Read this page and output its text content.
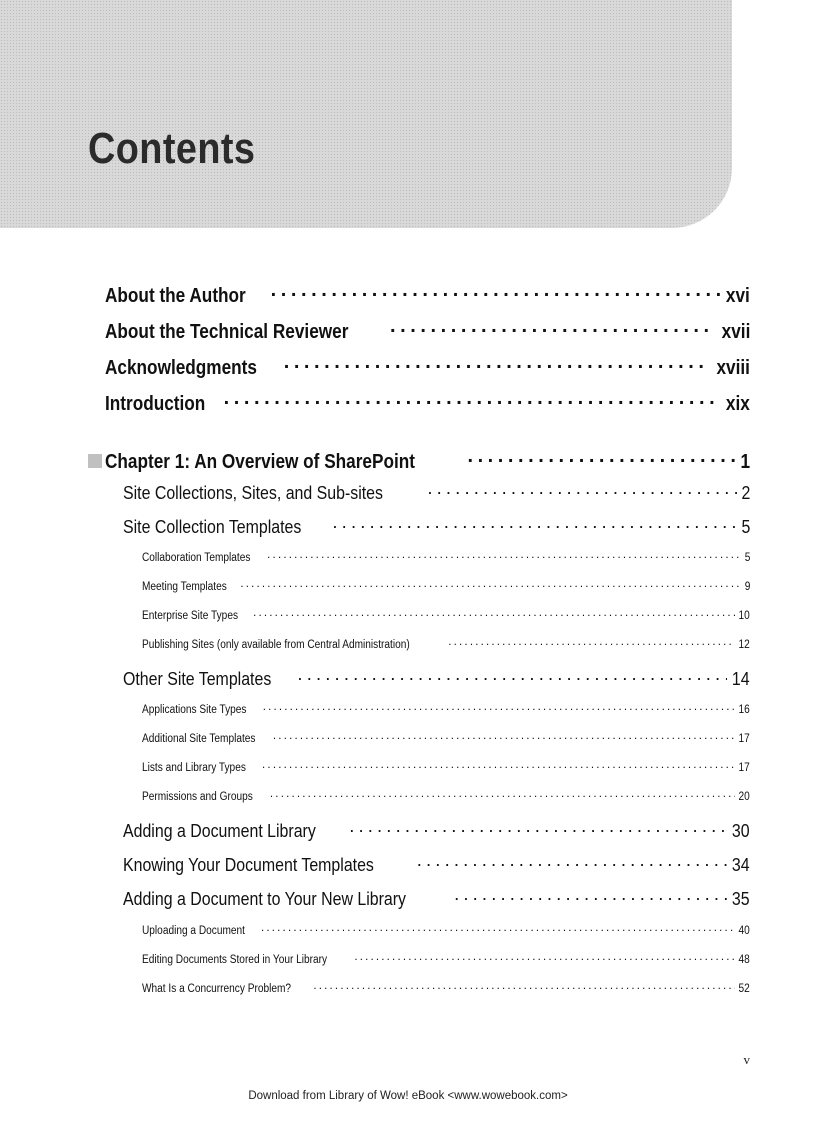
Contents
About the Author . . .	xvi
About the Technical Reviewer . . .	xvii
Acknowledgments . . .	xviii
Introduction . . .	xix
Chapter 1: An Overview of SharePoint . . .	1
Site Collections, Sites, and Sub-sites . . .	2
Site Collection Templates . . .	5
Collaboration Templates . . .	5
Meeting Templates . . .	9
Enterprise Site Types . . .	10
Publishing Sites (only available from Central Administration) . . .	12
Other Site Templates . . .	14
Applications Site Types . . .	16
Additional Site Templates . . .	17
Lists and Library Types . . .	17
Permissions and Groups . . .	20
Adding a Document Library . . .	30
Knowing Your Document Templates . . .	34
Adding a Document to Your New Library . . .	35
Uploading a Document . . .	40
Editing Documents Stored in Your Library . . .	48
What Is a Concurrency Problem? . . .	52
v
Download from Library of Wow! eBook <www.wowebook.com>
